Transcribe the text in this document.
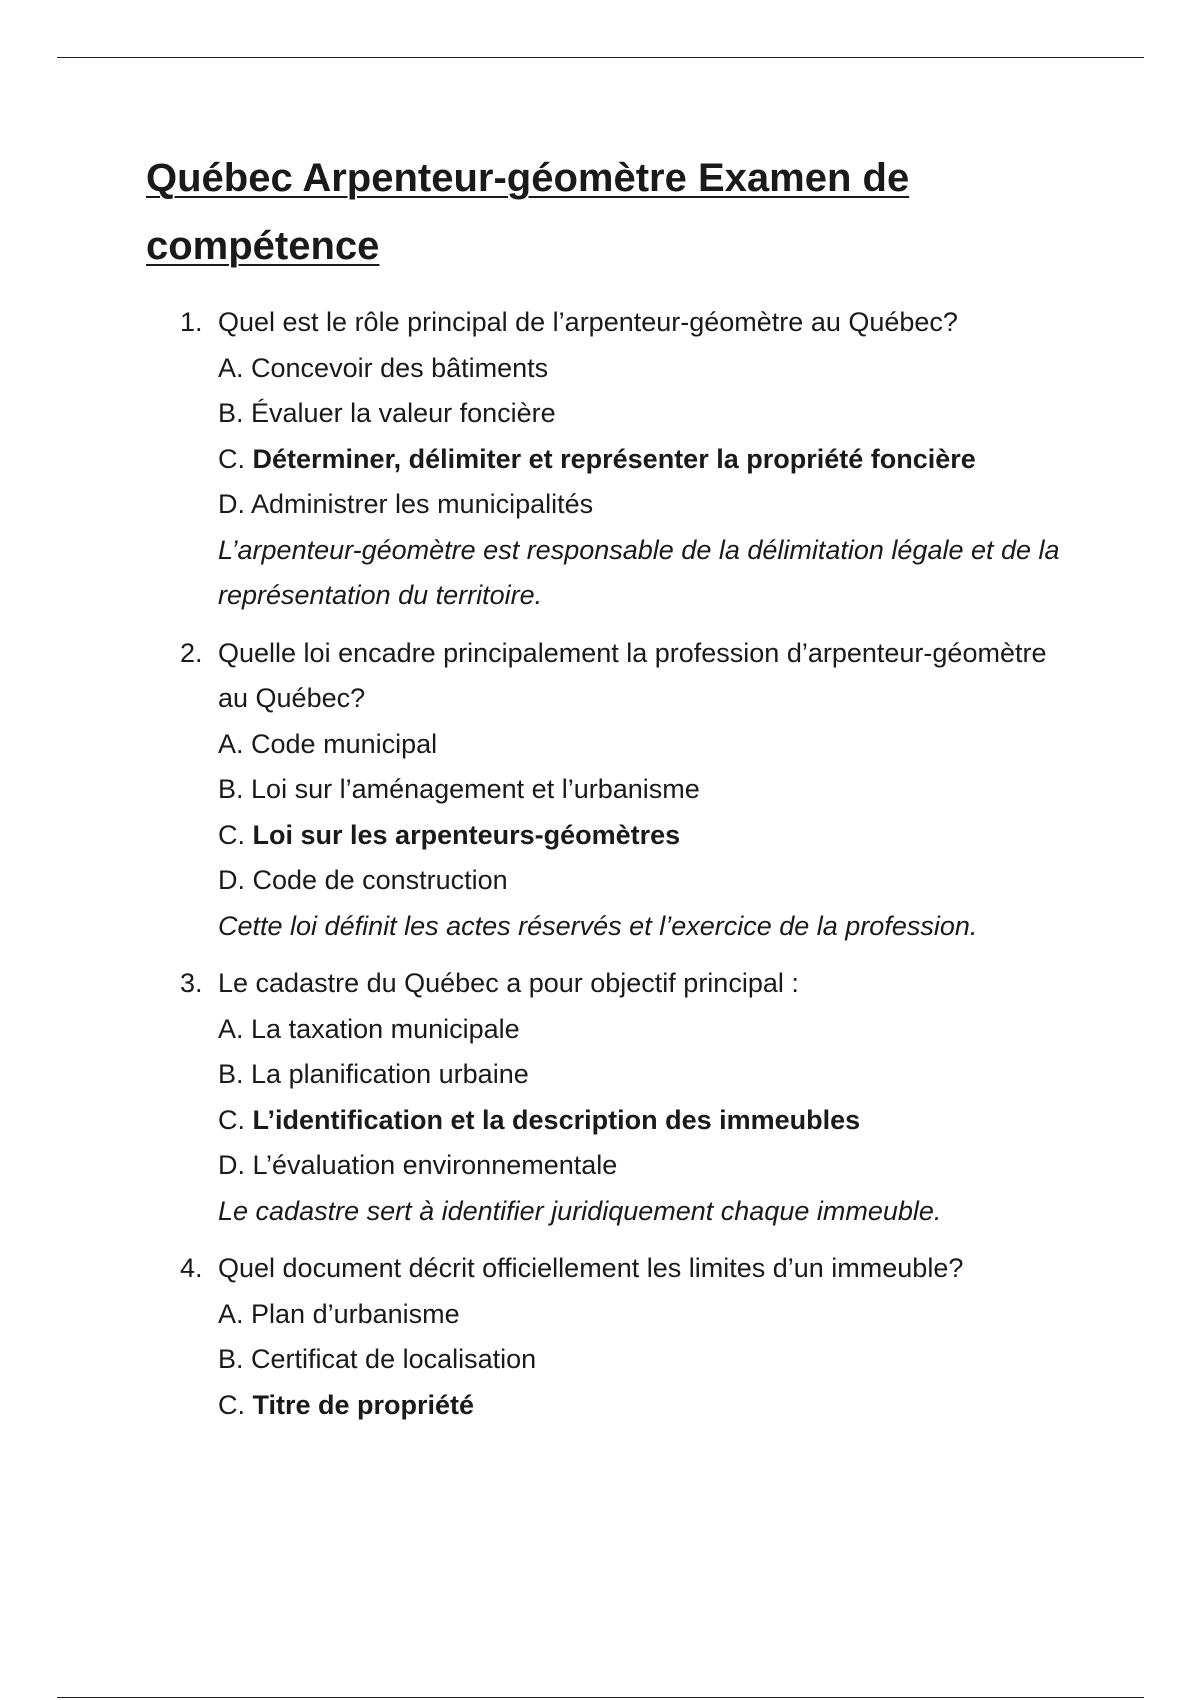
Québec Arpenteur-géomètre Examen de compétence
1. Quel est le rôle principal de l’arpenteur-géomètre au Québec?
A. Concevoir des bâtiments
B. Évaluer la valeur foncière
C. Déterminer, délimiter et représenter la propriété foncière
D. Administrer les municipalités
L’arpenteur-géomètre est responsable de la délimitation légale et de la représentation du territoire.
2. Quelle loi encadre principalement la profession d’arpenteur-géomètre au Québec?
A. Code municipal
B. Loi sur l’aménagement et l’urbanisme
C. Loi sur les arpenteurs-géomètres
D. Code de construction
Cette loi définit les actes réservés et l’exercice de la profession.
3. Le cadastre du Québec a pour objectif principal :
A. La taxation municipale
B. La planification urbaine
C. L’identification et la description des immeubles
D. L’évaluation environnementale
Le cadastre sert à identifier juridiquement chaque immeuble.
4. Quel document décrit officiellement les limites d’un immeuble?
A. Plan d’urbanisme
B. Certificat de localisation
C. Titre de propriété
